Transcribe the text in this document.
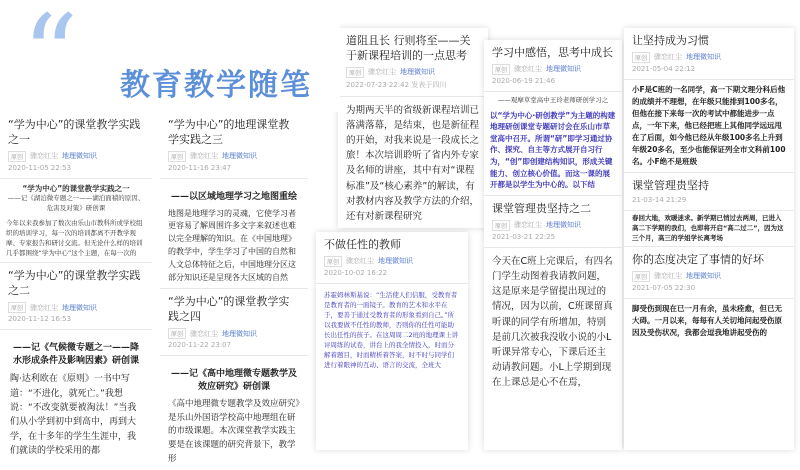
“学为中心”的课堂教学实践之一
原创	骤恋红尘 地理微知识
2020-11-05 22:53
“学为中心”的课堂教学实践之一
——记《湖泊微专题之一——湖泊面積的原因、危害及对策》研创课
今年以来我参加了数次由乐山市教科所或学校组织的培训学习，每一次的培训都离不开教学观摩、专家报告和研讨交流。但无论什么样的培训几乎都围绕“学为中心”这个主题，在每一次的
“学为中心”的课堂教学实践之二
原创	骤恋红尘 地理微知识
2020-11-12 16:53
——记《气候微专题之一——降水形成条件及影响因素》研创课
陶·达利欧在《原则》一书中写道：“不进化，就死亡。”我想说：“不改变就要被淘汰！”当我们从小学到初中到高中，再到大学，在十多年的学生生涯中，我们就读的学校采用的都
“学为中心”的地理课堂教学实践之三
原创	骤恋红尘 地理微知识
2020-11-16 23:47
——以区域地理学习之地图重绘
地图是地理学习的灵魂，它使学习者更容易了解周围许多文字来叙述也难以完全理解的知识。在《中国地理》的教学中，学生学习了中国的自然和人文总体特征之后，中国地理分区这部分知识还是呈现各大区域的自然
“学为中心”的课堂教学实践之四
原创	骤恋红尘 地理微知识
2020-11-22 23:07
——记《高中地理微专题教学及效应研究》研创课
《高中地理微专题教学及效应研究》是乐山外国语学校高中地理组在研的市级课题。本次课堂教学实践主要是在该课题的研究背景下，教学形
道阻且长 行则将至——关于新课程培训的一点思考
原创	骤恋红尘 地理微知识
2022-07-23 22:42 发表于四川
为期两天半的省级新课程培训已落满落幕，是结束，也是新征程的开始，对我来说是一段成长之旅！本次培训聆听了省内外专家及名师的讲座，其中有对“课程标准”及“核心素养”的解读，有对教材内容及教学方法的介绍，还有对新课程研究
不做任性的教师
原创	骤恋红尘 地理微知识
2020-10-02 16:22
苏霍姆林斯基说：“生活使人们信服，受教育者是教育者的一面镜子。教育的艺术和水平在于，要善于通过受教育者的形象看到自己。”所以我要做不任性的教师，否则你的任性可能助长出任性的孩子。在这周周二2班的地理课上讲评周练的试卷，讲台上的我全情投入，时而分解着题目，时而精析着答案，时不时与同学们进行着眼神的互动、语言的交流，全班大
学习中感悟，思考中成长
原创	骤恋红尘 地理微知识
2020-06-19 21:46
——观摩草堂高中王玲老师研创学习之
以“学为中心·研创教学”为主题的构建地理研创课堂专题研讨会在乐山市草堂高中召开。所谓“研”即学习通过协作、探究、自主等方式展开自习行为，“创”即创建结构知识，形成关键能力、创立核心价值。而这一课的展开都是以学生为中心的。以下结
课堂管理贵坚持之二
原创	骤恋红尘 地理微知识
2021-03-21 22:25
今天在C班上完课后，有四名门学生动图着我请教问题，这是原来是学留提出现过的情况，因为以前，C班课留真听课的同学有所增加，特别是前几次被我没收小说的小L听课异常专心，下课后还主动请教问题。小L上学期到现在上课总是心不在焉，
让坚持成为习惯
原创	骤恋红尘 地理微知识
2021-05-04 22:12
小F是C班的一名同学，高一下期文理分科后他的成绩并不理想，在年级只能排到100多名，但他在接下来每一次的考试中都能进步一点点，一年下来，他已经把班上其他同学远远甩在了后面，如今他已经从年级100多名上升到年级20多名，至少也能保证列全市文科前100名。小F绝不是班级
课堂管理贵坚持
21-03-14 21:29
春回大地，欢暖迷求。新学期已悄过去两周，已进入高二下学期的我们，也即将开启“高二过二”，因为这三个月，高三的学姐学长离考场
你的态度决定了事情的好坏
原创	骤恋红尘 地理微知识
2021-07-05 22:30
脚受伤到现在已一月有余，虽未痊愈，但已无大碍。一月以来，每每有人关切地问起受伤原因及受伤状况，我都会逗我地讲起受伤的
“ 教育教学随笔
